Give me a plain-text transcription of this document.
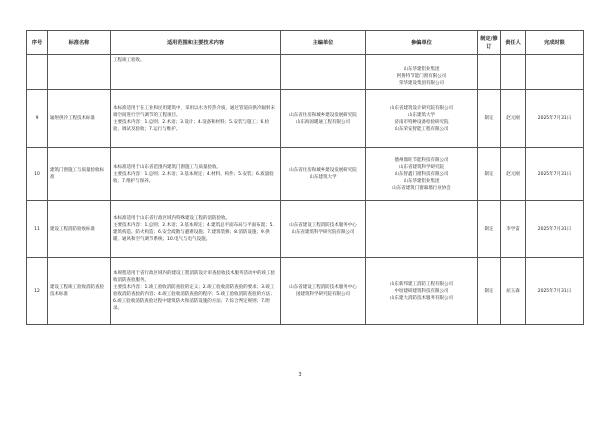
序号	标准名称	适用范围和主要技术内容	主编单位	参编单位	制定/修订	责任人	完成时限

		工程竣工验收。		山东华建铝业集团
阿鲁特节能门窗有限公司
荣华建设集团有限公司			

9	辐射供冷工程技术标准	本标准适用于在工业和民用建筑中，采用以水为传热介质，通过管道向供冷辐射末端空间进行空气调节的工程项目。
主要技术内容：1.总则；2.术语；3.设计；4.设备和材料；5.安装与施工；6.检验、调试及验收；7.运行与维护。	山东省住房和城乡建设发展研究院
山东海国暖通工程有限公司	山东省建筑设计研究院有限公司
山东建筑大学
济南市特种设备检验研究院
山东荣安智能工程有限公司	制定	赵元刚	2025年7月31日
10	建筑门窗施工与质量验收标准	本标准适用于山东省范围内建筑门窗施工与质量验收。
主要技术内容：1.总则；2.术语；3.基本规定；4.材料、构件；5.安装；6.质量验收；7.维护与保养。	山东省住房和城乡建设发展研究院
山东建筑大学	德州鼎旺节能科技有限公司
山东省建筑科学研究院
山东智鑫门窗科技有限公司
山东华建铝业集团
山东省建筑门窗幕墙行业协会	制定	赵元刚	2025年7月31日
11	建设工程消防验收标准	本标准适用于山东省行政区域内特殊建设工程的消防验收。
主要技术内容：1.总则；2.术语；3.基本规定；4.建筑总平面布局与平面布置；5.建筑构造、防火构造；6.安全疏散与避难设施；7.建筑装修；8.消防设施；9.供暖、通风和空气调节系统；10.电气与电气设施。	山东省建设工程消防技术服务中心
山东省建筑科学研究院有限公司		制定	李学雷	2025年7月31日
12	建设工程竣工验收消防查验技术标准	本规程适用于省行政区域内的建设工程消防设计审查验收技术服务活动中的竣工验收消防查验服务。
主要技术内容：1.竣工验收消防查验的定义；2.竣工验收消防查验的要求；3.竣工验收消防查验的内容；4.竣工验收消防查验的程序；5.竣工验收消防查验的方法；6.竣工验收消防查验过程中建筑防火和消防设施的方法；7.综合判定规则；7.附录。	山东省建设工程消防技术服务中心
国建筑科学研究院有限公司	山东新邦建工消防工程有限公司
中垣建研建筑科技有限公司
山东建大消防技术服务有限公司	制定	屈玉森	2025年7月31日
3
